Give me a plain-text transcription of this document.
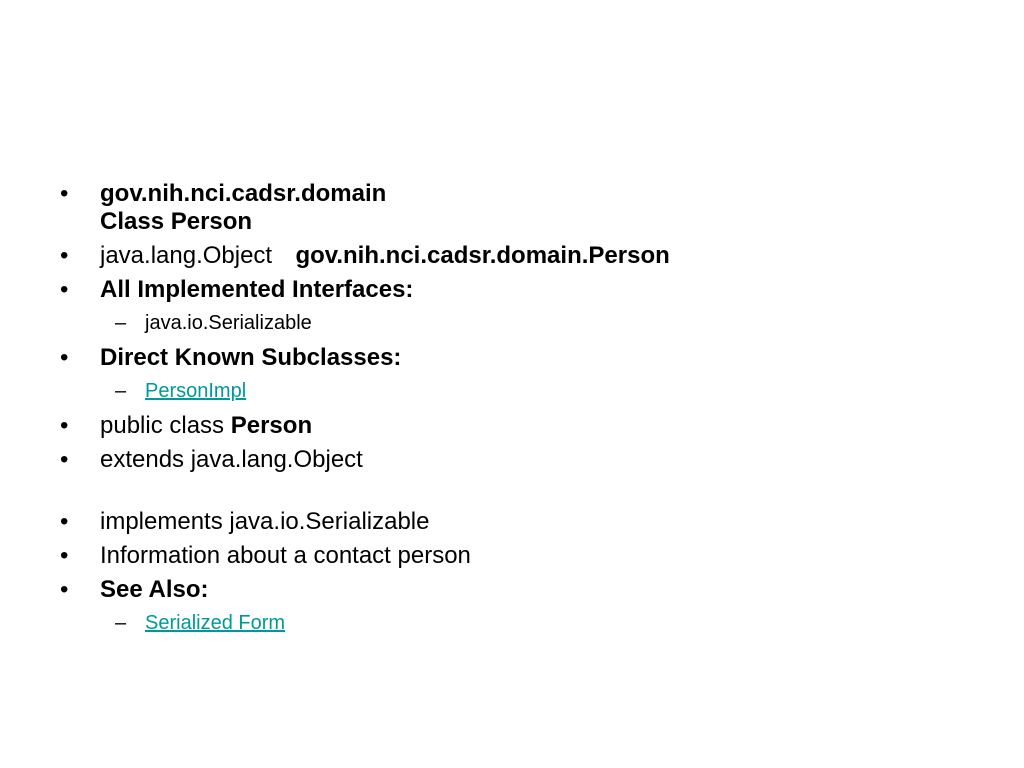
•	gov.nih.nci.cadsr.domain
Class Person
•	java.lang.Object gov.nih.nci.cadsr.domain.Person
•	All Implemented Interfaces:
– java.io.Serializable
•	Direct Known Subclasses:
– PersonImpl
•	public class Person
•	extends java.lang.Object
•	implements java.io.Serializable
•	Information about a contact person
•	See Also:
– Serialized Form
